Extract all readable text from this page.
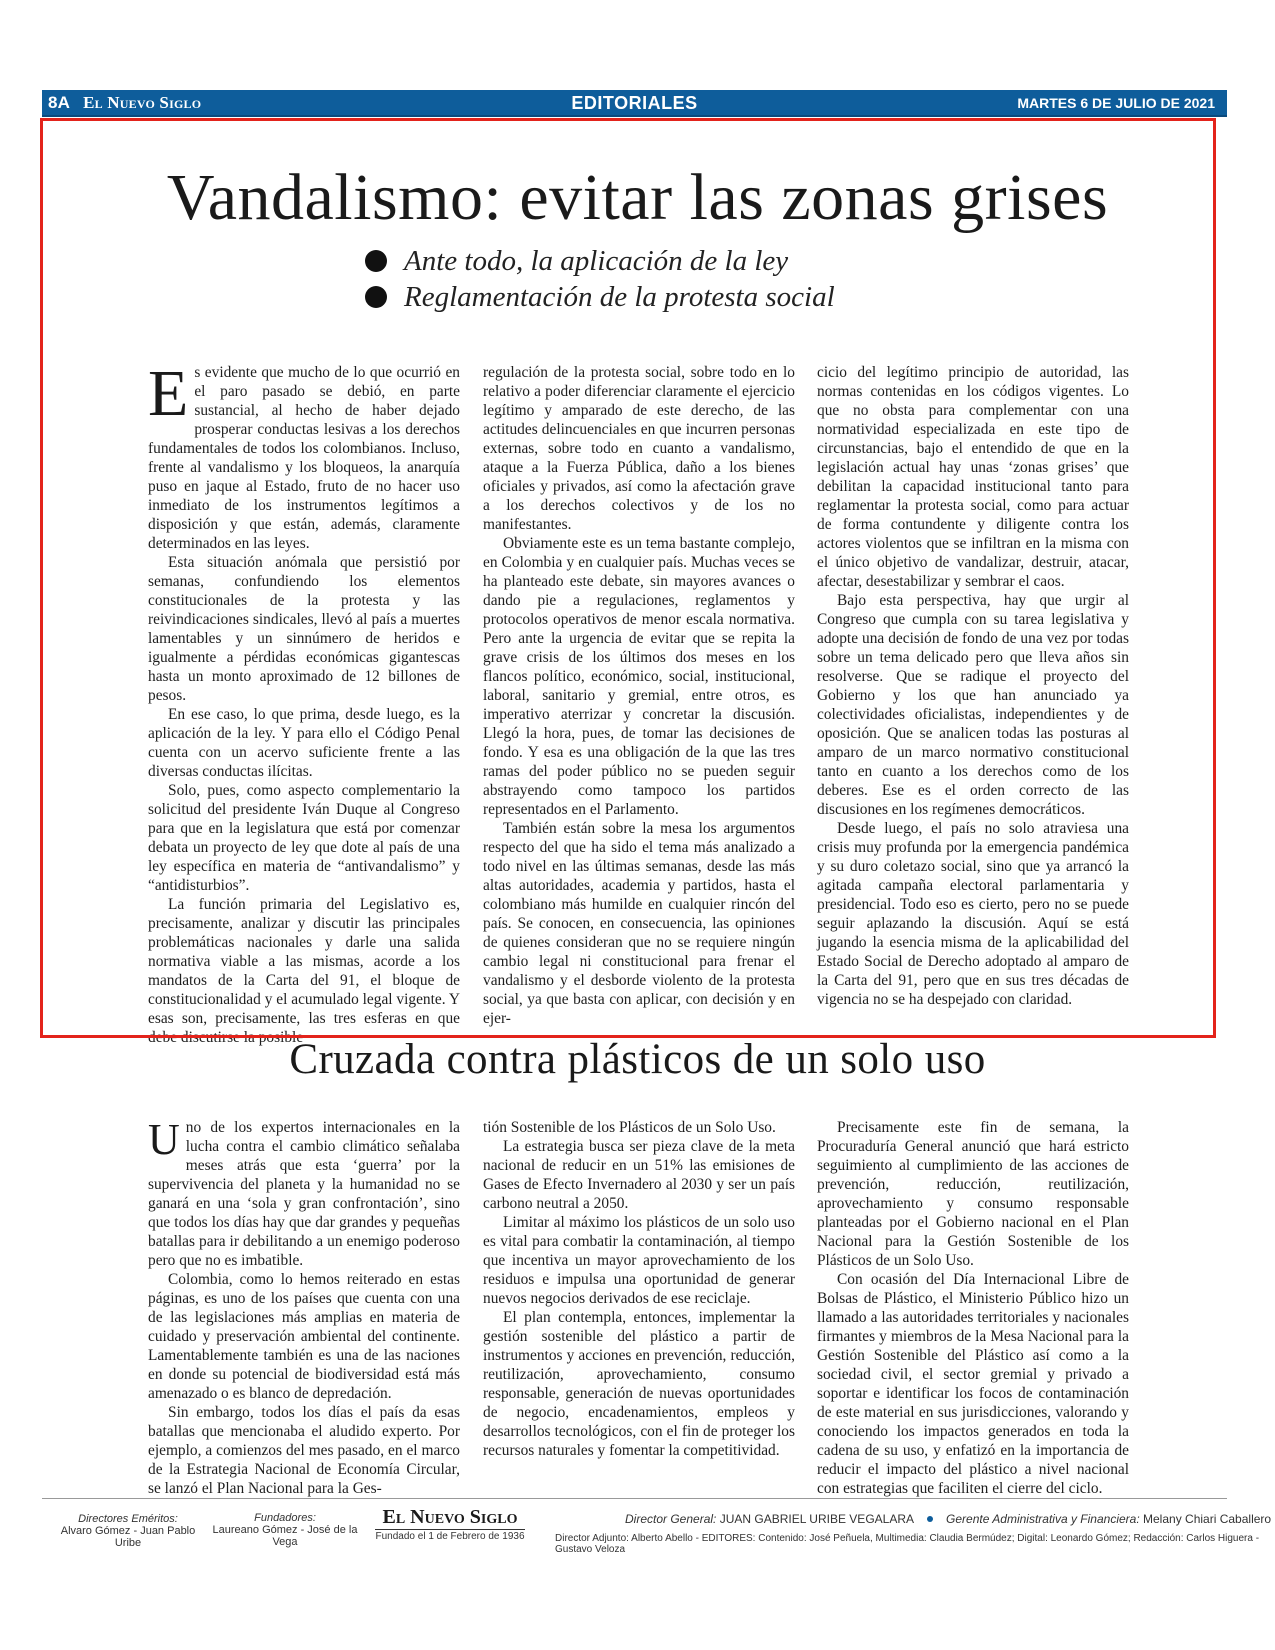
8A El Nuevo Siglo	EDITORIALES	MARTES 6 DE JULIO DE 2021
Vandalismo: evitar las zonas grises
Ante todo, la aplicación de la ley
Reglamentación de la protesta social

Es evidente que mucho de lo que ocurrió en el paro pasado se debió, en parte sustancial, al hecho de haber dejado prosperar conductas lesivas a los derechos fundamentales de todos los colombianos. Incluso, frente al vandalismo y los bloqueos, la anarquía puso en jaque al Estado, fruto de no hacer uso inmediato de los instrumentos legítimos a disposición y que están, además, claramente determinados en las leyes.

Esta situación anómala que persistió por semanas, confundiendo los elementos constitucionales de la protesta y las reivindicaciones sindicales, llevó al país a muertes lamentables y un sinnúmero de heridos e igualmente a pérdidas económicas gigantescas hasta un monto aproximado de 12 billones de pesos.

En ese caso, lo que prima, desde luego, es la aplicación de la ley. Y para ello el Código Penal cuenta con un acervo suficiente frente a las diversas conductas ilícitas.

Solo, pues, como aspecto complementario la solicitud del presidente Iván Duque al Congreso para que en la legislatura que está por comenzar debata un proyecto de ley que dote al país de una ley específica en materia de “antivandalismo” y “antidisturbios”.

La función primaria del Legislativo es, precisamente, analizar y discutir las principales problemáticas nacionales y darle una salida normativa viable a las mismas, acorde a los mandatos de la Carta del 91, el bloque de constitucionalidad y el acumulado legal vigente. Y esas son, precisamente, las tres esferas en que debe discutirse la posible

regulación de la protesta social, sobre todo en lo relativo a poder diferenciar claramente el ejercicio legítimo y amparado de este derecho, de las actitudes delincuenciales en que incurren personas externas, sobre todo en cuanto a vandalismo, ataque a la Fuerza Pública, daño a los bienes oficiales y privados, así como la afectación grave a los derechos colectivos y de los no manifestantes.

Obviamente este es un tema bastante complejo, en Colombia y en cualquier país. Muchas veces se ha planteado este debate, sin mayores avances o dando pie a regulaciones, reglamentos y protocolos operativos de menor escala normativa. Pero ante la urgencia de evitar que se repita la grave crisis de los últimos dos meses en los flancos político, económico, social, institucional, laboral, sanitario y gremial, entre otros, es imperativo aterrizar y concretar la discusión. Llegó la hora, pues, de tomar las decisiones de fondo. Y esa es una obligación de la que las tres ramas del poder público no se pueden seguir abstrayendo como tampoco los partidos representados en el Parlamento.

También están sobre la mesa los argumentos respecto del que ha sido el tema más analizado a todo nivel en las últimas semanas, desde las más altas autoridades, academia y partidos, hasta el colombiano más humilde en cualquier rincón del país. Se conocen, en consecuencia, las opiniones de quienes consideran que no se requiere ningún cambio legal ni constitucional para frenar el vandalismo y el desborde violento de la protesta social, ya que basta con aplicar, con decisión y en ejer-

cicio del legítimo principio de autoridad, las normas contenidas en los códigos vigentes. Lo que no obsta para complementar con una normatividad especializada en este tipo de circunstancias, bajo el entendido de que en la legislación actual hay unas ‘zonas grises’ que debilitan la capacidad institucional tanto para reglamentar la protesta social, como para actuar de forma contundente y diligente contra los actores violentos que se infiltran en la misma con el único objetivo de vandalizar, destruir, atacar, afectar, desestabilizar y sembrar el caos.

Bajo esta perspectiva, hay que urgir al Congreso que cumpla con su tarea legislativa y adopte una decisión de fondo de una vez por todas sobre un tema delicado pero que lleva años sin resolverse. Que se radique el proyecto del Gobierno y los que han anunciado ya colectividades oficialistas, independientes y de oposición. Que se analicen todas las posturas al amparo de un marco normativo constitucional tanto en cuanto a los derechos como de los deberes. Ese es el orden correcto de las discusiones en los regímenes democráticos.

Desde luego, el país no solo atraviesa una crisis muy profunda por la emergencia pandémica y su duro coletazo social, sino que ya arrancó la agitada campaña electoral parlamentaria y presidencial. Todo eso es cierto, pero no se puede seguir aplazando la discusión. Aquí se está jugando la esencia misma de la aplicabilidad del Estado Social de Derecho adoptado al amparo de la Carta del 91, pero que en sus tres décadas de vigencia no se ha despejado con claridad.

Cruzada contra plásticos de un solo uso

Uno de los expertos internacionales en la lucha contra el cambio climático señalaba meses atrás que esta ‘guerra’ por la supervivencia del planeta y la humanidad no se ganará en una ‘sola y gran confrontación’, sino que todos los días hay que dar grandes y pequeñas batallas para ir debilitando a un enemigo poderoso pero que no es imbatible.

Colombia, como lo hemos reiterado en estas páginas, es uno de los países que cuenta con una de las legislaciones más amplias en materia de cuidado y preservación ambiental del continente. Lamentablemente también es una de las naciones en donde su potencial de biodiversidad está más amenazado o es blanco de depredación.

Sin embargo, todos los días el país da esas batallas que mencionaba el aludido experto. Por ejemplo, a comienzos del mes pasado, en el marco de la Estrategia Nacional de Economía Circular, se lanzó el Plan Nacional para la Ges-

tión Sostenible de los Plásticos de un Solo Uso.

La estrategia busca ser pieza clave de la meta nacional de reducir en un 51% las emisiones de Gases de Efecto Invernadero al 2030 y ser un país carbono neutral a 2050.

Limitar al máximo los plásticos de un solo uso es vital para combatir la contaminación, al tiempo que incentiva un mayor aprovechamiento de los residuos e impulsa una oportunidad de generar nuevos negocios derivados de ese reciclaje.

El plan contempla, entonces, implementar la gestión sostenible del plástico a partir de instrumentos y acciones en prevención, reducción, reutilización, aprovechamiento, consumo responsable, generación de nuevas oportunidades de negocio, encadenamientos, empleos y desarrollos tecnológicos, con el fin de proteger los recursos naturales y fomentar la competitividad.

Precisamente este fin de semana, la Procuraduría General anunció que hará estricto seguimiento al cumplimiento de las acciones de prevención, reducción, reutilización, aprovechamiento y consumo responsable planteadas por el Gobierno nacional en el Plan Nacional para la Gestión Sostenible de los Plásticos de un Solo Uso.

Con ocasión del Día Internacional Libre de Bolsas de Plástico, el Ministerio Público hizo un llamado a las autoridades territoriales y nacionales firmantes y miembros de la Mesa Nacional para la Gestión Sostenible del Plástico así como a la sociedad civil, el sector gremial y privado a soportar e identificar los focos de contaminación de este material en sus jurisdicciones, valorando y conociendo los impactos generados en toda la cadena de su uso, y enfatizó en la importancia de reducir el impacto del plástico a nivel nacional con estrategias que faciliten el cierre del ciclo.

Directores Eméritos:
Alvaro Gómez - Juan Pablo Uribe
Fundadores:
Laureano Gómez - José de la Vega
El Nuevo Siglo
Fundado el 1 de Febrero de 1936
Director General: JUAN GABRIEL URIBE VEGALARA	Gerente Administrativa y Financiera: Melany Chiari Caballero
Director Adjunto: Alberto Abello - EDITORES: Contenido: José Peñuela, Multimedia: Claudia Bermúdez; Digital: Leonardo Gómez; Redacción: Carlos Higuera - Gustavo Veloza
